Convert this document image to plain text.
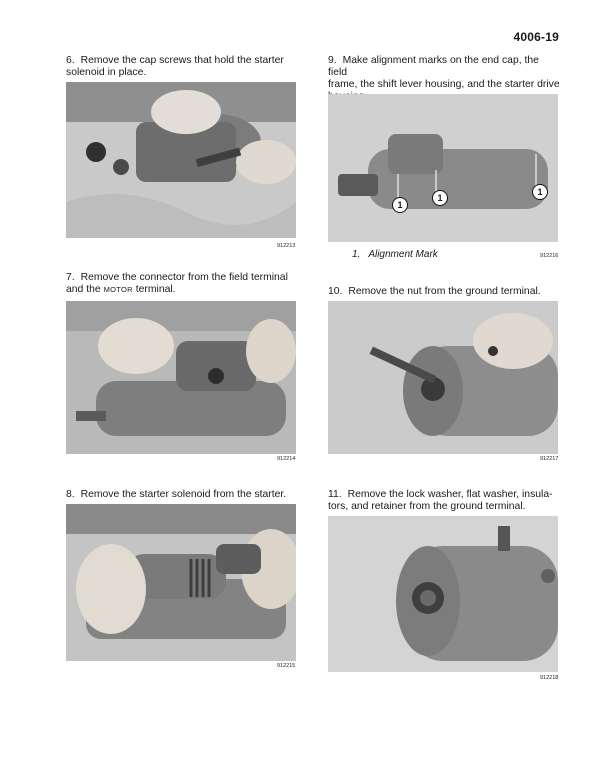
4006-19
6. Remove the cap screws that hold the starter
solenoid in place.
912213
7. Remove the connector from the field terminal
and the MOTOR terminal.
912214
8. Remove the starter solenoid from the starter.
912215
9. Make alignment marks on the end cap, the field
frame, the shift lever housing, and the starter drive

1
1
1
1. Alignment Mark	912216
10. Remove the nut from the ground terminal.
912217
11. Remove the lock washer, flat washer, insula-
tors, and retainer from the ground terminal.
912218
